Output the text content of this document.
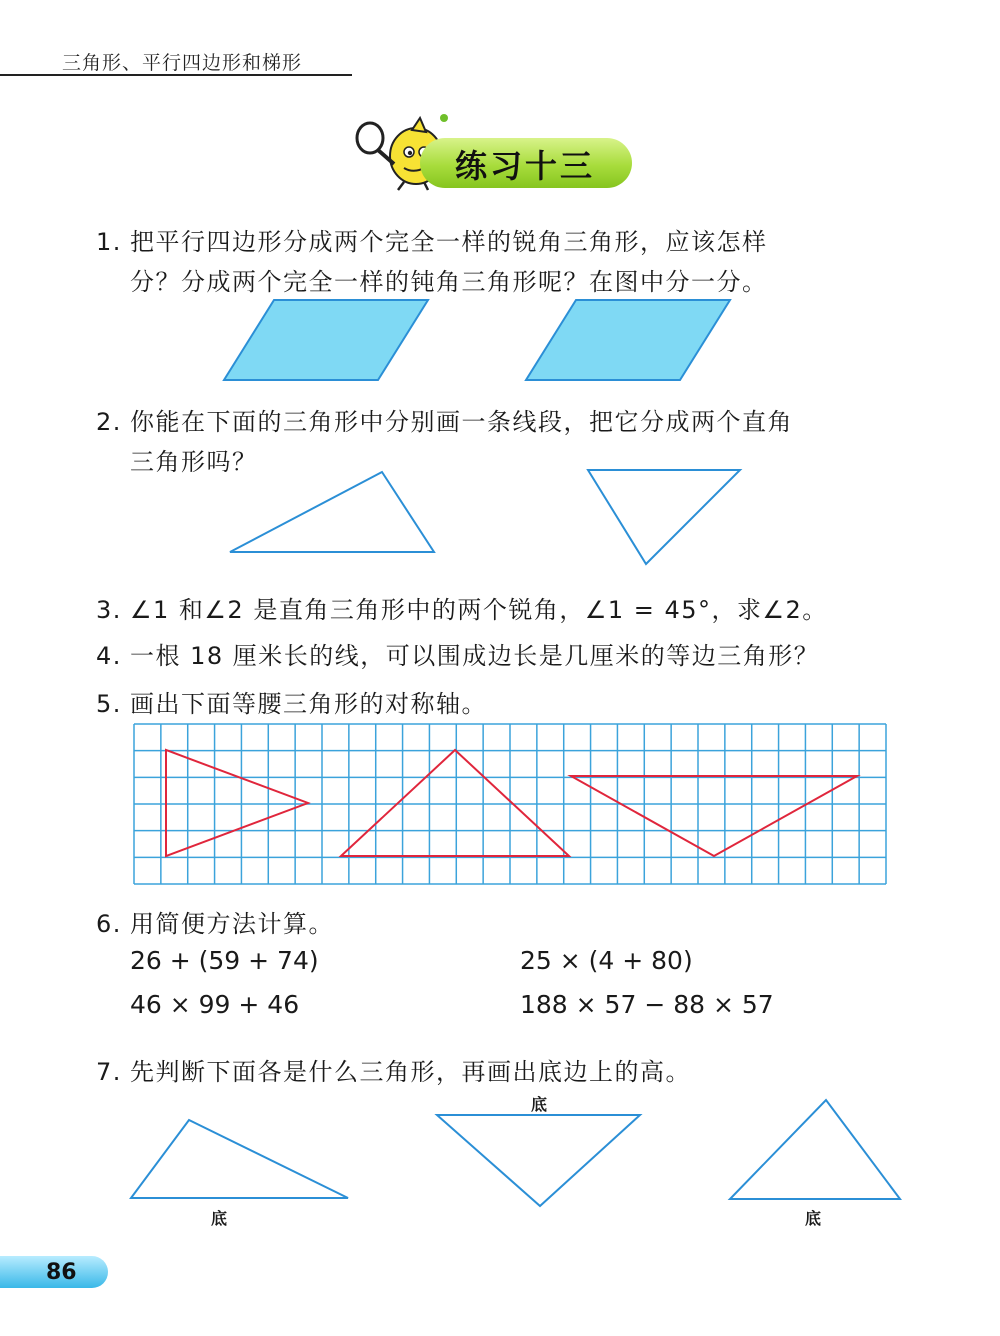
三角形、平行四边形和梯形
练习十三
1. 把平行四边形分成两个完全一样的锐角三角形，应该怎样
分？分成两个完全一样的钝角三角形呢？在图中分一分。
2. 你能在下面的三角形中分别画一条线段，把它分成两个直角
三角形吗？
3. ∠1 和∠2 是直角三角形中的两个锐角，∠1 = 45°，求∠2。
4. 一根 18 厘米长的线，可以围成边长是几厘米的等边三角形？
5. 画出下面等腰三角形的对称轴。
6. 用简便方法计算。
26 + (59 + 74)	25 × (4 + 80)
46 × 99 + 46	188 × 57 − 88 × 57
7. 先判断下面各是什么三角形，再画出底边上的高。
底
底
底
86
